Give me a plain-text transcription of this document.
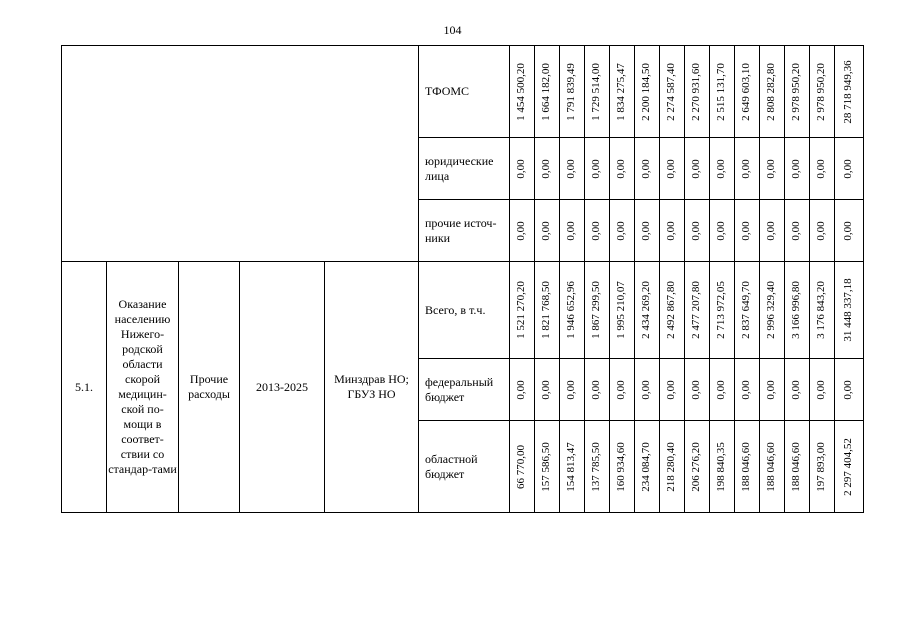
104
					ТФОМС	1 454 500,20	1 664 182,00	1 791 839,49	1 729 514,00	1 834 275,47	2 200 184,50	2 274 587,40	2 270 931,60	2 515 131,70	2 649 603,10	2 808 282,80	2 978 950,20	2 978 950,20	28 718 949,36

					юридические лица	0,00	0,00	0,00	0,00	0,00	0,00	0,00	0,00	0,00	0,00	0,00	0,00	0,00	0,00

					прочие источ-ники	0,00	0,00	0,00	0,00	0,00	0,00	0,00	0,00	0,00	0,00	0,00	0,00	0,00	0,00

5.1.	Оказание населению Нижего-родской области скорой медицин-ской по-мощи в соответ-ствии со стандар-тами	Прочие расходы	2013-2025	Минздрав НО; ГБУЗ НО	Всего, в т.ч.	1 521 270,20	1 821 768,50	1 946 652,96	1 867 299,50	1 995 210,07	2 434 269,20	2 492 867,80	2 477 207,80	2 713 972,05	2 837 649,70	2 996 329,40	3 166 996,80	3 176 843,20	31 448 337,18

					федеральный бюджет	0,00	0,00	0,00	0,00	0,00	0,00	0,00	0,00	0,00	0,00	0,00	0,00	0,00	0,00

					областной бюджет	66 770,00	157 586,50	154 813,47	137 785,50	160 934,60	234 084,70	218 280,40	206 276,20	198 840,35	188 046,60	188 046,60	188 046,60	197 893,00	2 297 404,52
